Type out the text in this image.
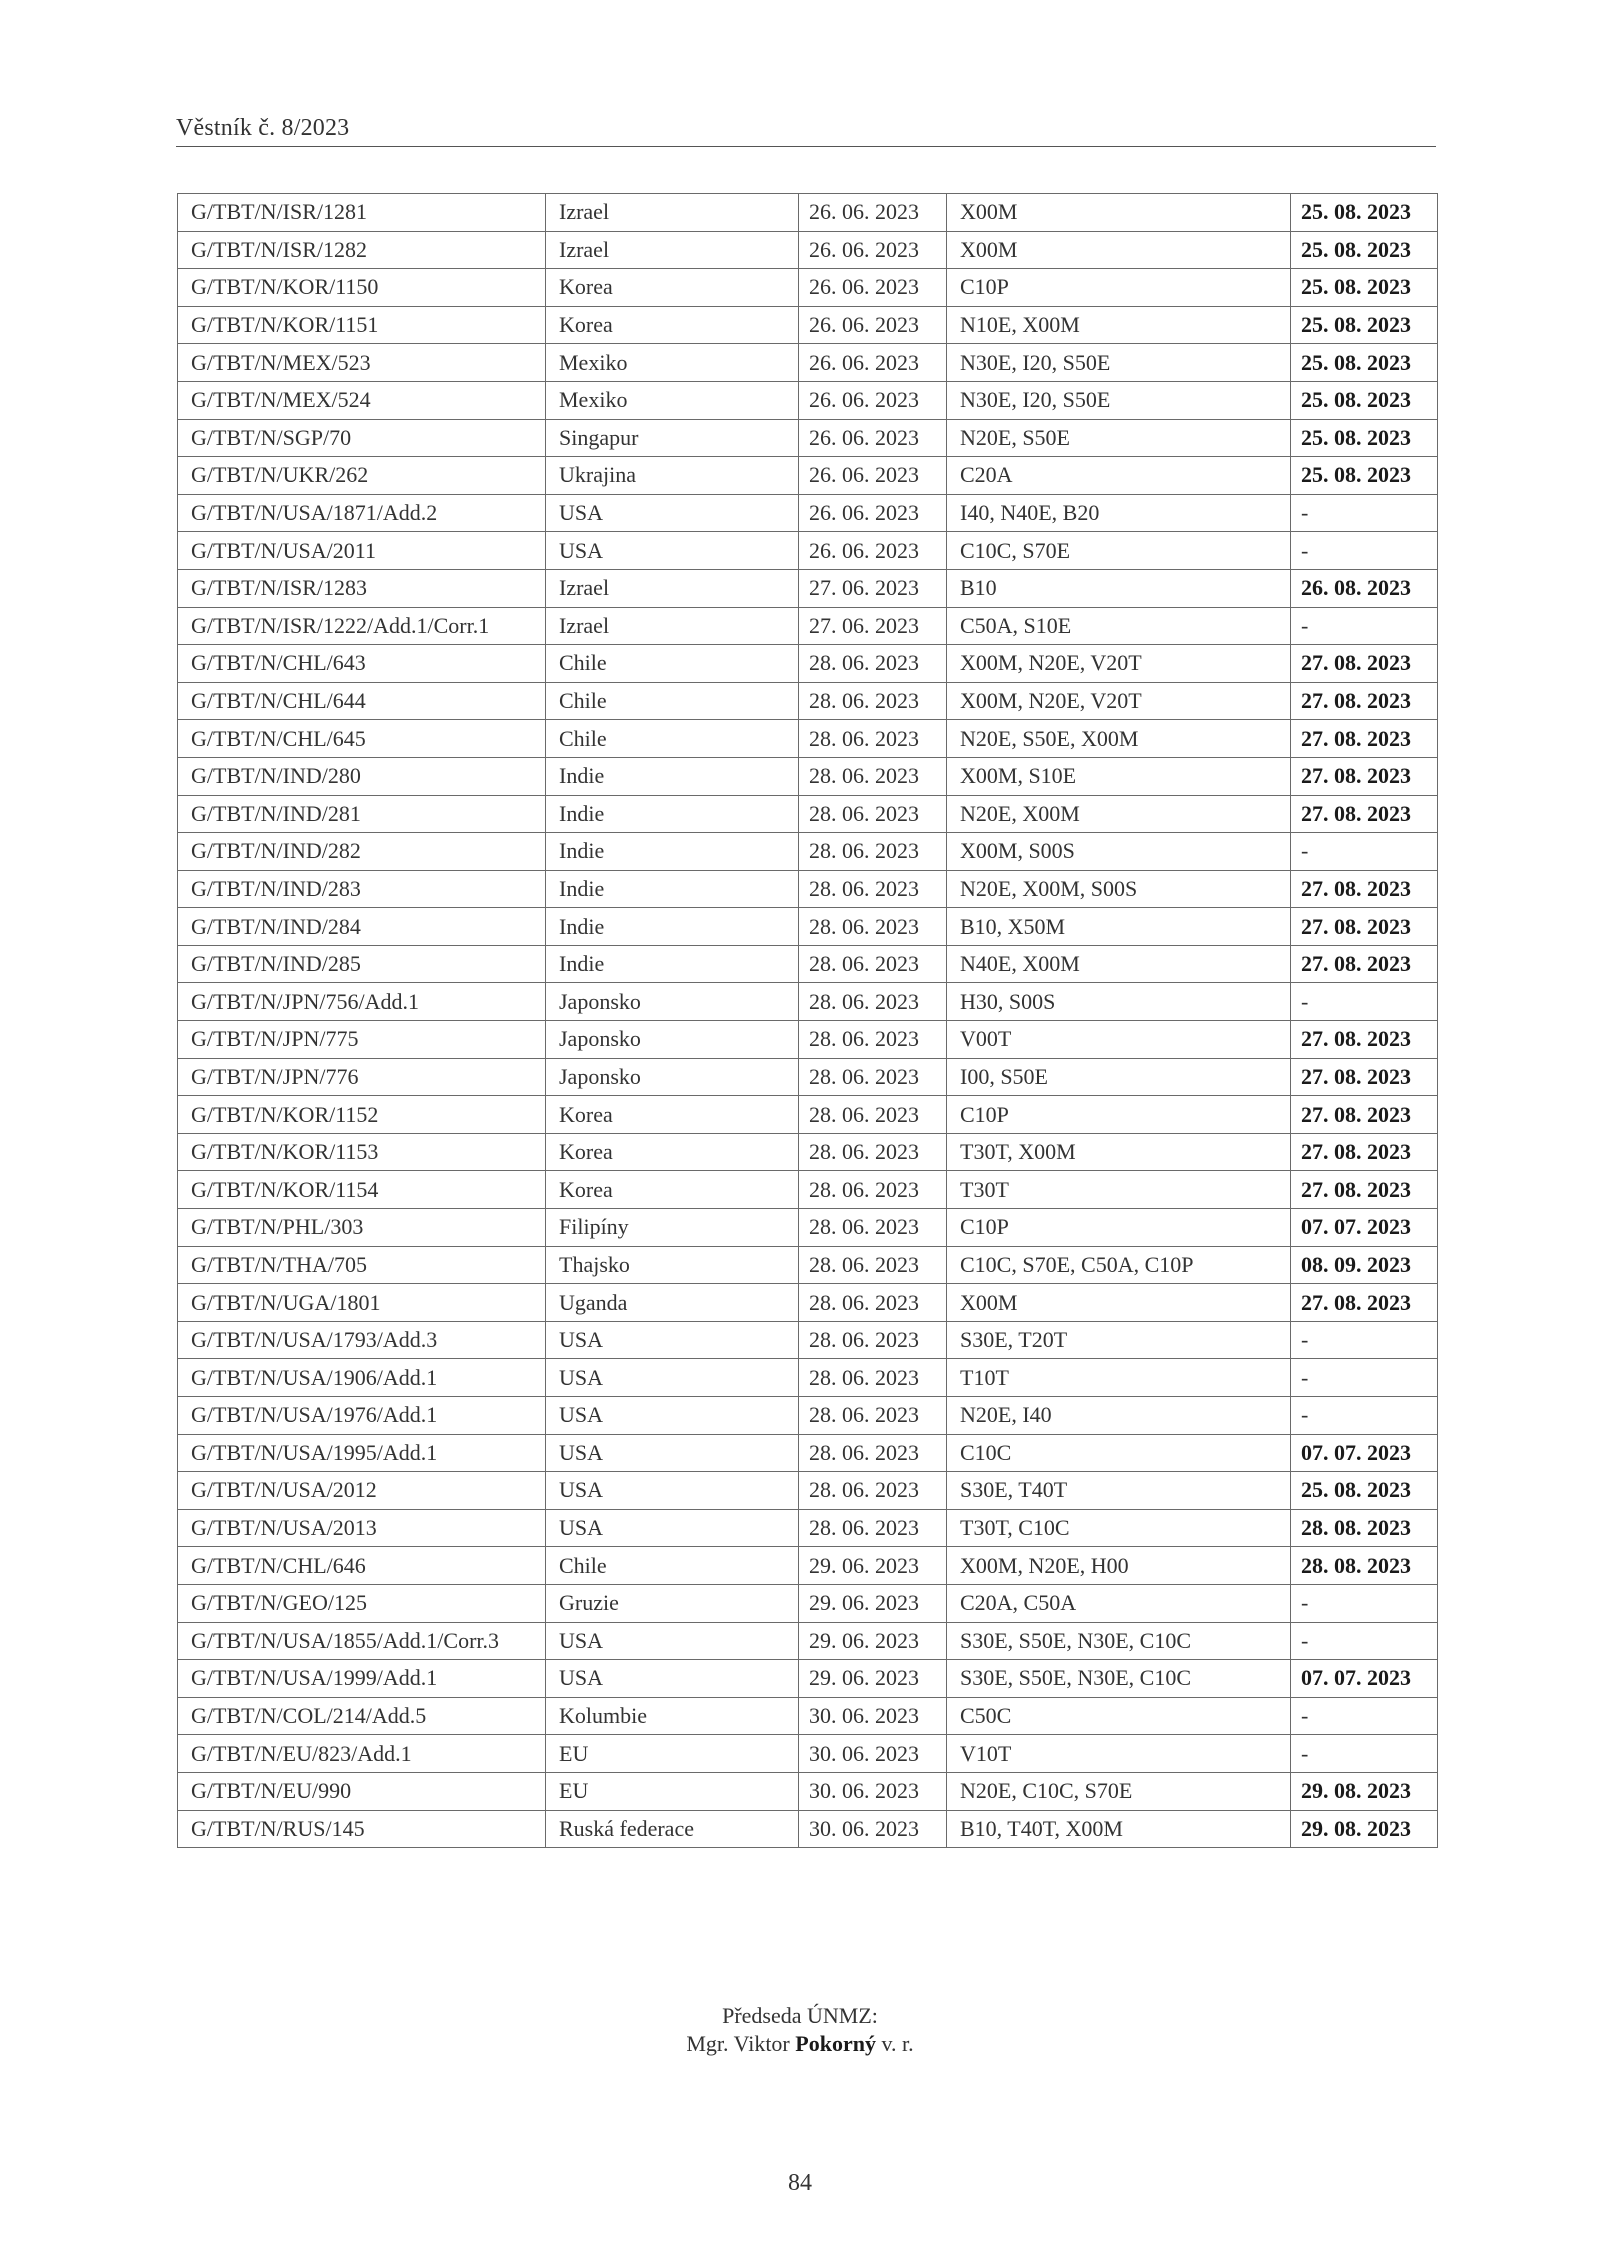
Věstník č. 8/2023
G/TBT/N/ISR/1281	Izrael	26. 06. 2023	X00M	25. 08. 2023
G/TBT/N/ISR/1282	Izrael	26. 06. 2023	X00M	25. 08. 2023
G/TBT/N/KOR/1150	Korea	26. 06. 2023	C10P	25. 08. 2023
G/TBT/N/KOR/1151	Korea	26. 06. 2023	N10E, X00M	25. 08. 2023
G/TBT/N/MEX/523	Mexiko	26. 06. 2023	N30E, I20, S50E	25. 08. 2023
G/TBT/N/MEX/524	Mexiko	26. 06. 2023	N30E, I20, S50E	25. 08. 2023
G/TBT/N/SGP/70	Singapur	26. 06. 2023	N20E, S50E	25. 08. 2023
G/TBT/N/UKR/262	Ukrajina	26. 06. 2023	C20A	25. 08. 2023
G/TBT/N/USA/1871/Add.2	USA	26. 06. 2023	I40, N40E, B20	-
G/TBT/N/USA/2011	USA	26. 06. 2023	C10C, S70E	-
G/TBT/N/ISR/1283	Izrael	27. 06. 2023	B10	26. 08. 2023
G/TBT/N/ISR/1222/Add.1/Corr.1	Izrael	27. 06. 2023	C50A, S10E	-
G/TBT/N/CHL/643	Chile	28. 06. 2023	X00M, N20E, V20T	27. 08. 2023
G/TBT/N/CHL/644	Chile	28. 06. 2023	X00M, N20E, V20T	27. 08. 2023
G/TBT/N/CHL/645	Chile	28. 06. 2023	N20E, S50E, X00M	27. 08. 2023
G/TBT/N/IND/280	Indie	28. 06. 2023	X00M, S10E	27. 08. 2023
G/TBT/N/IND/281	Indie	28. 06. 2023	N20E, X00M	27. 08. 2023
G/TBT/N/IND/282	Indie	28. 06. 2023	X00M, S00S	-
G/TBT/N/IND/283	Indie	28. 06. 2023	N20E, X00M, S00S	27. 08. 2023
G/TBT/N/IND/284	Indie	28. 06. 2023	B10, X50M	27. 08. 2023
G/TBT/N/IND/285	Indie	28. 06. 2023	N40E, X00M	27. 08. 2023
G/TBT/N/JPN/756/Add.1	Japonsko	28. 06. 2023	H30, S00S	-
G/TBT/N/JPN/775	Japonsko	28. 06. 2023	V00T	27. 08. 2023
G/TBT/N/JPN/776	Japonsko	28. 06. 2023	I00, S50E	27. 08. 2023
G/TBT/N/KOR/1152	Korea	28. 06. 2023	C10P	27. 08. 2023
G/TBT/N/KOR/1153	Korea	28. 06. 2023	T30T, X00M	27. 08. 2023
G/TBT/N/KOR/1154	Korea	28. 06. 2023	T30T	27. 08. 2023
G/TBT/N/PHL/303	Filipíny	28. 06. 2023	C10P	07. 07. 2023
G/TBT/N/THA/705	Thajsko	28. 06. 2023	C10C, S70E, C50A, C10P	08. 09. 2023
G/TBT/N/UGA/1801	Uganda	28. 06. 2023	X00M	27. 08. 2023
G/TBT/N/USA/1793/Add.3	USA	28. 06. 2023	S30E, T20T	-
G/TBT/N/USA/1906/Add.1	USA	28. 06. 2023	T10T	-
G/TBT/N/USA/1976/Add.1	USA	28. 06. 2023	N20E, I40	-
G/TBT/N/USA/1995/Add.1	USA	28. 06. 2023	C10C	07. 07. 2023
G/TBT/N/USA/2012	USA	28. 06. 2023	S30E, T40T	25. 08. 2023
G/TBT/N/USA/2013	USA	28. 06. 2023	T30T, C10C	28. 08. 2023
G/TBT/N/CHL/646	Chile	29. 06. 2023	X00M, N20E, H00	28. 08. 2023
G/TBT/N/GEO/125	Gruzie	29. 06. 2023	C20A, C50A	-
G/TBT/N/USA/1855/Add.1/Corr.3	USA	29. 06. 2023	S30E, S50E, N30E, C10C	-
G/TBT/N/USA/1999/Add.1	USA	29. 06. 2023	S30E, S50E, N30E, C10C	07. 07. 2023
G/TBT/N/COL/214/Add.5	Kolumbie	30. 06. 2023	C50C	-
G/TBT/N/EU/823/Add.1	EU	30. 06. 2023	V10T	-
G/TBT/N/EU/990	EU	30. 06. 2023	N20E, C10C, S70E	29. 08. 2023
G/TBT/N/RUS/145	Ruská federace	30. 06. 2023	B10, T40T, X00M	29. 08. 2023
Předseda ÚNMZ:
Mgr. Viktor Pokorný v. r.
84
